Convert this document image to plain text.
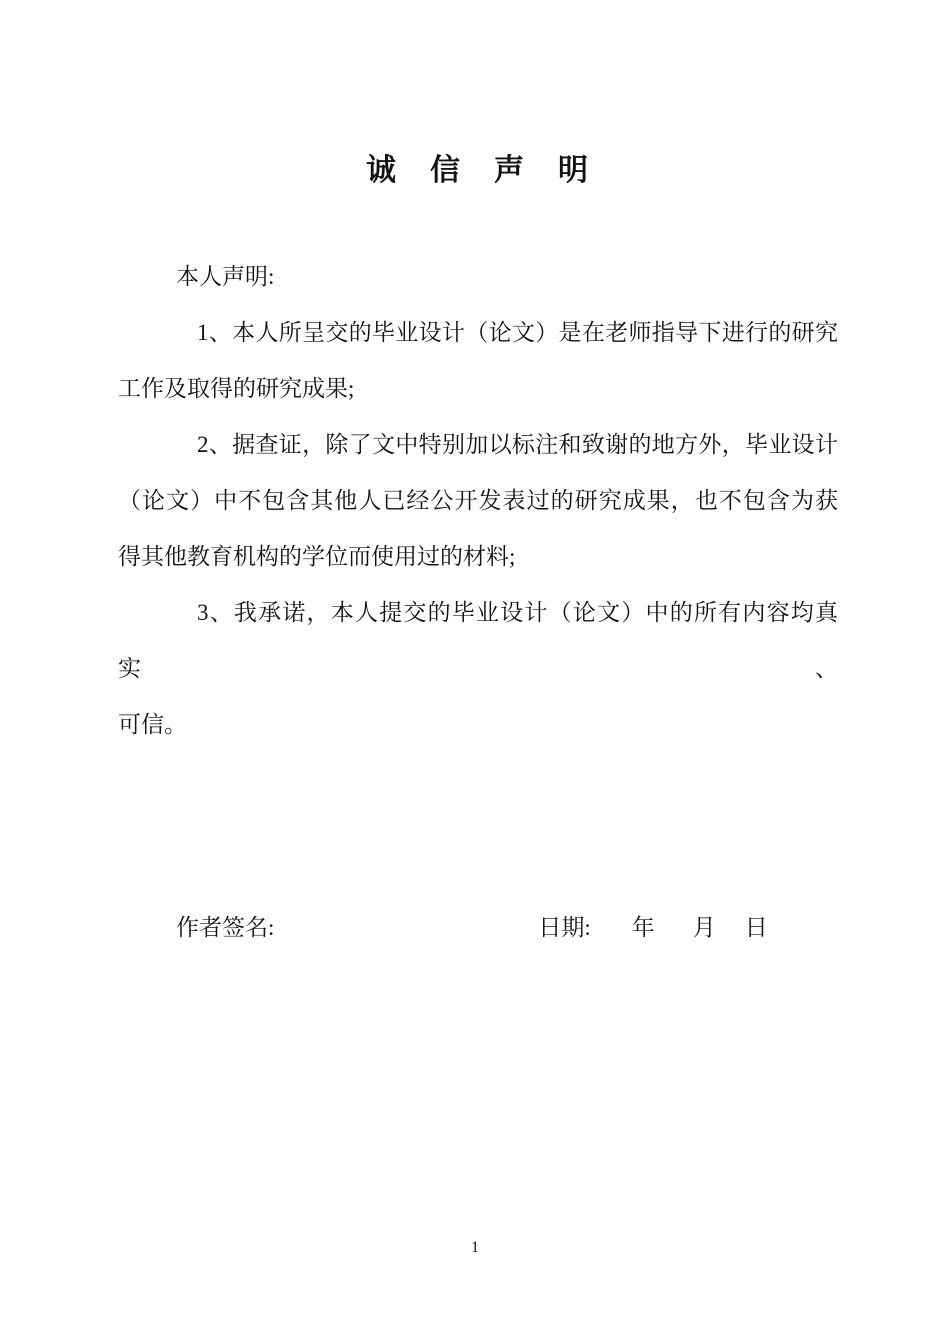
诚　信　声　明

本人声明:

1、本人所呈交的毕业设计（论文）是在老师指导下进行的研究

工作及取得的研究成果;

2、据查证，除了文中特别加以标注和致谢的地方外，毕业设计

（论文）中不包含其他人已经公开发表过的研究成果，也不包含为获

得其他教育机构的学位而使用过的材料;

3、我承诺，本人提交的毕业设计（论文）中的所有内容均真实、

可信。

作者签名:	日期: 年 月 日
1
